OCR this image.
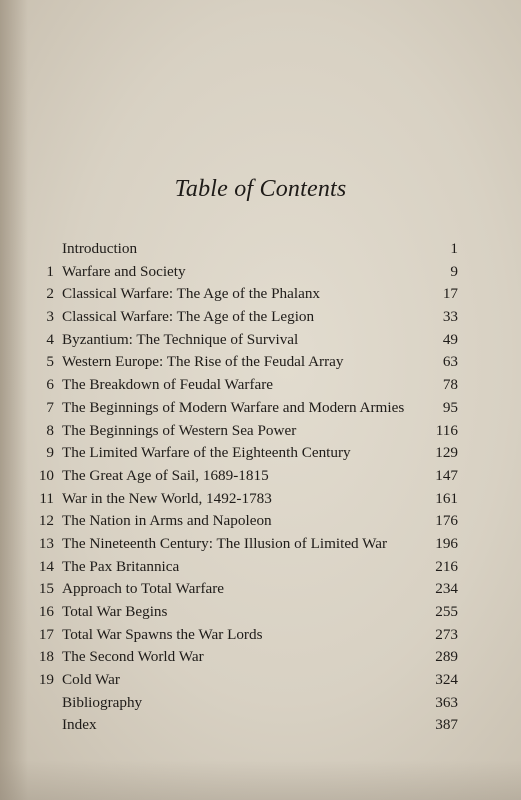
Table of Contents
Introduction	1
1 Warfare and Society	9
2 Classical Warfare: The Age of the Phalanx	17
3 Classical Warfare: The Age of the Legion	33
4 Byzantium: The Technique of Survival	49
5 Western Europe: The Rise of the Feudal Array	63
6 The Breakdown of Feudal Warfare	78
7 The Beginnings of Modern Warfare and Modern Armies	95
8 The Beginnings of Western Sea Power	116
9 The Limited Warfare of the Eighteenth Century	129
10 The Great Age of Sail, 1689-1815	147
11 War in the New World, 1492-1783	161
12 The Nation in Arms and Napoleon	176
13 The Nineteenth Century: The Illusion of Limited War	196
14 The Pax Britannica	216
15 Approach to Total Warfare	234
16 Total War Begins	255
17 Total War Spawns the War Lords	273
18 The Second World War	289
19 Cold War	324
Bibliography	363
Index	387
